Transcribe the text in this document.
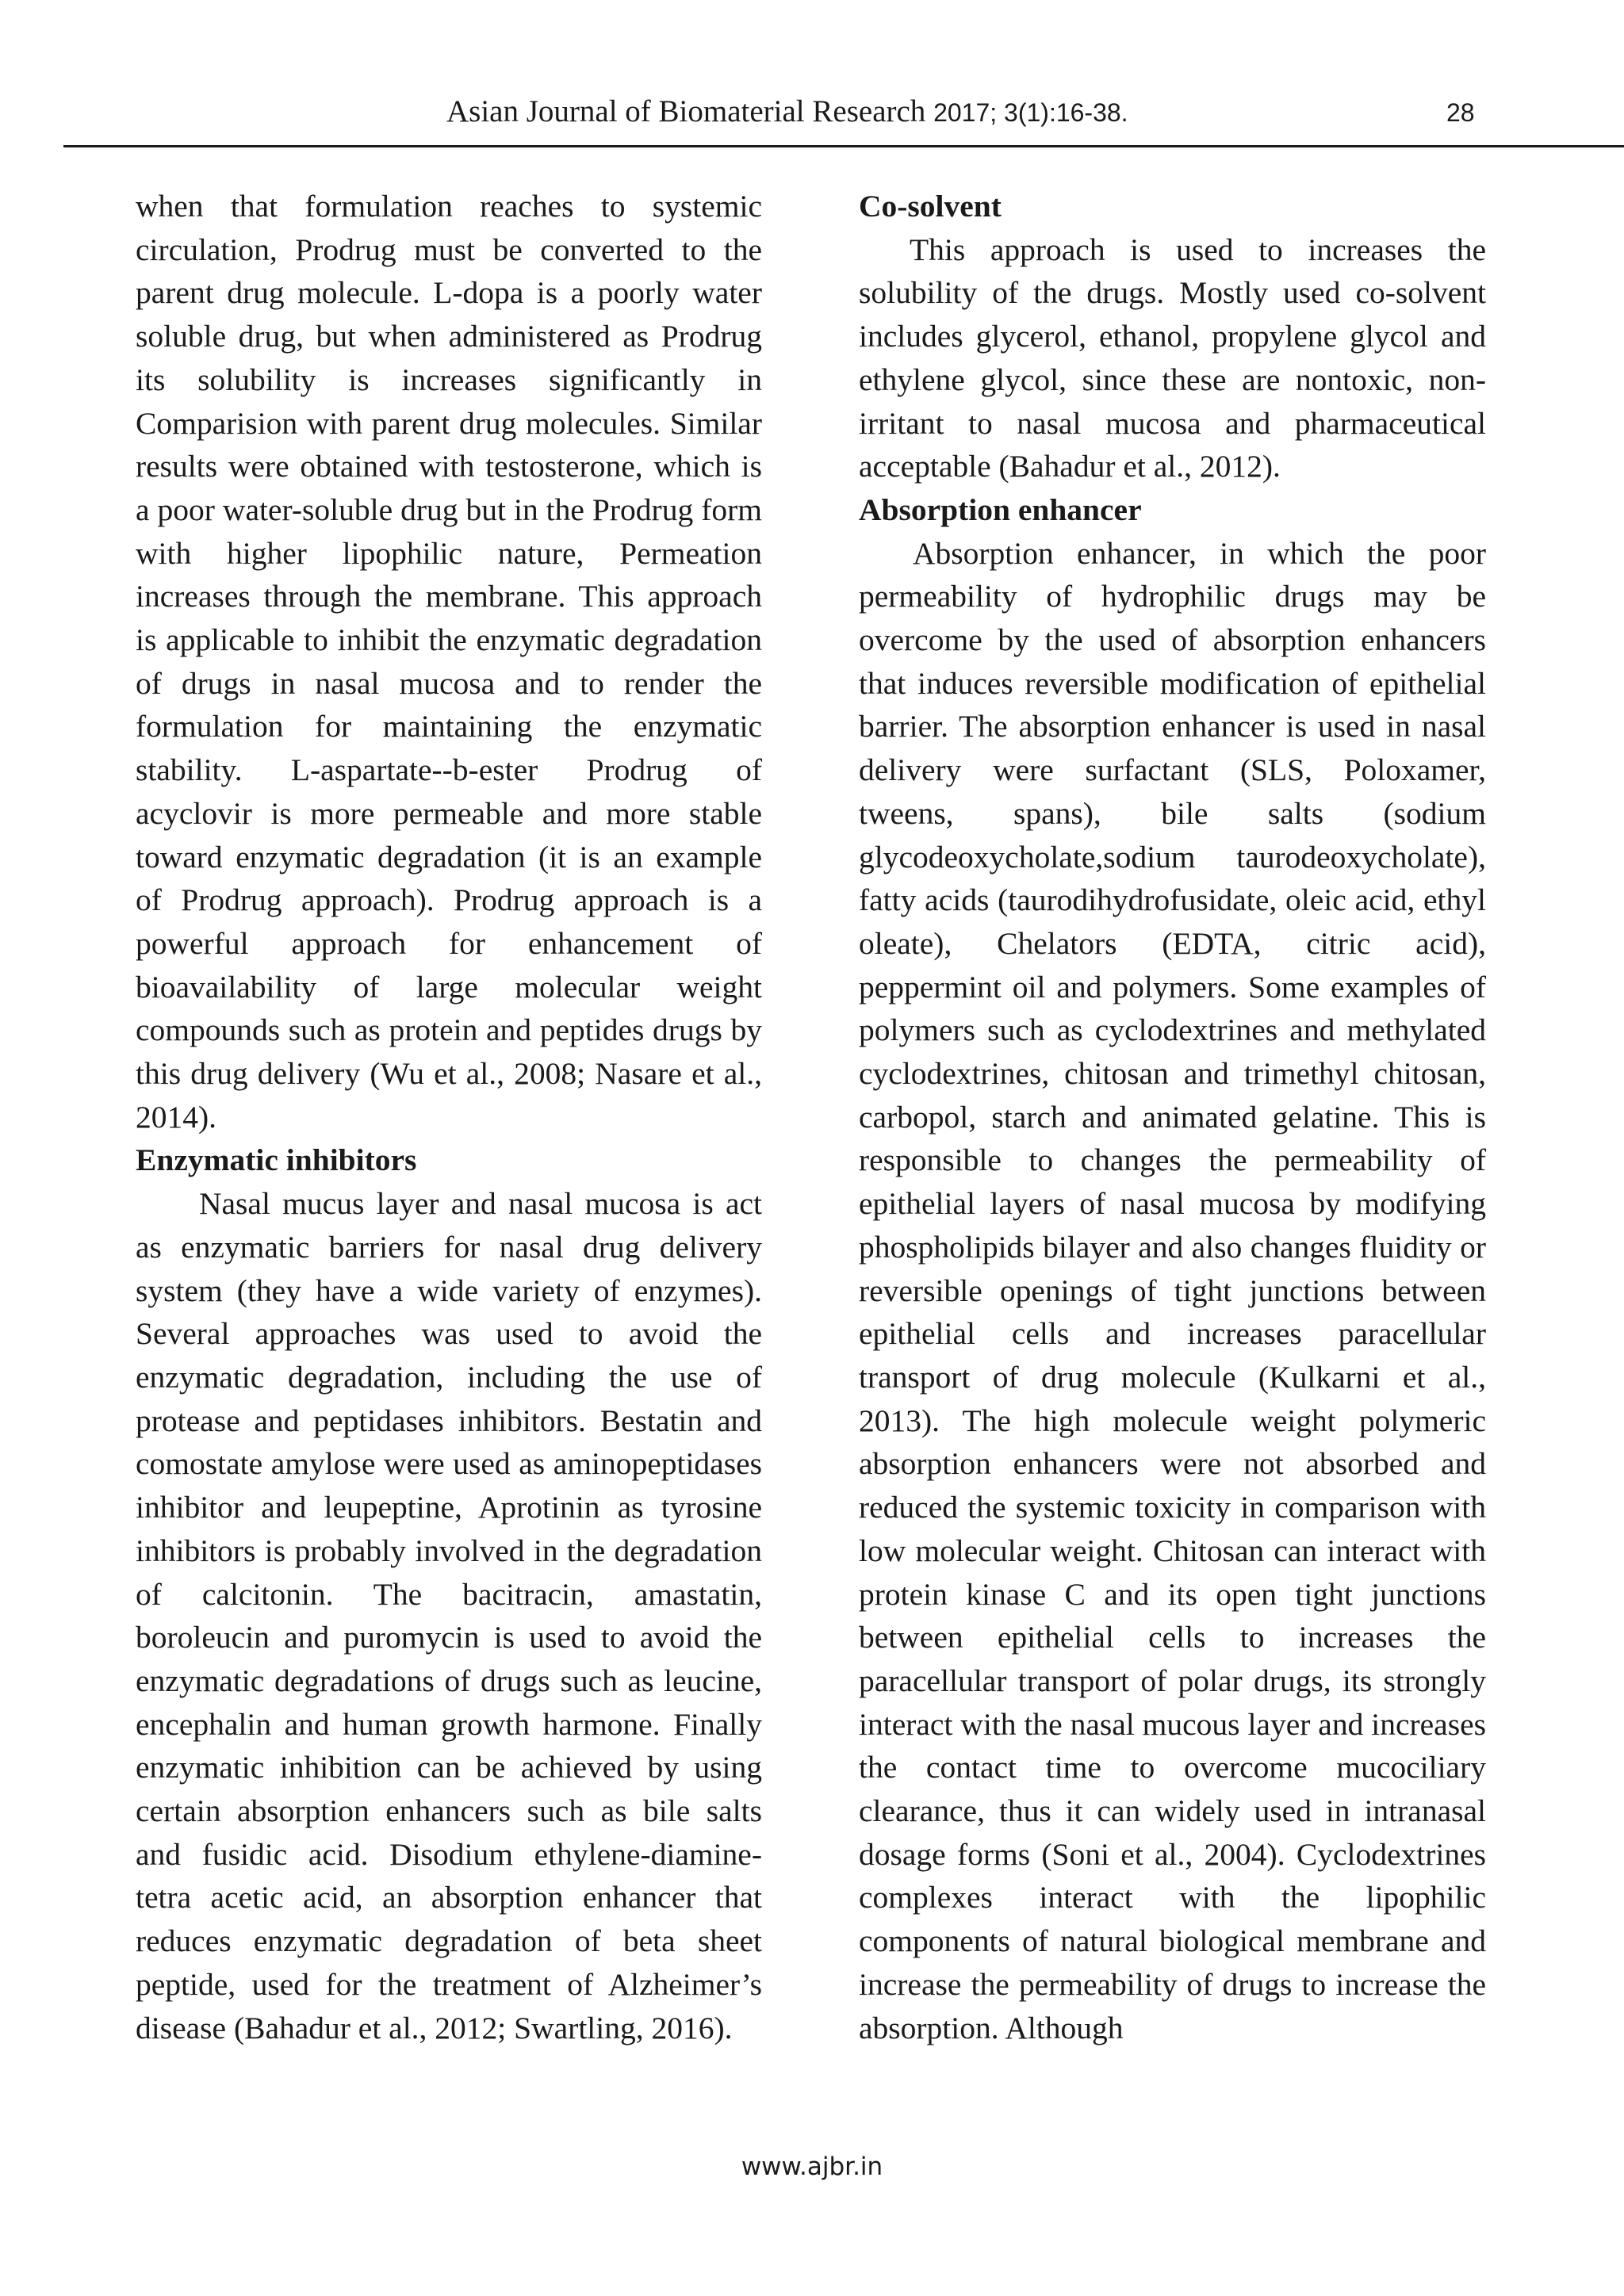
Asian Journal of Biomaterial Research 2017; 3(1):16-38.	28

when that formulation reaches to systemic circulation, Prodrug must be converted to the parent drug molecule. L-dopa is a poorly water soluble drug, but when administered as Prodrug its solubility is increases significantly in Comparision with parent drug molecules. Similar results were obtained with testosterone, which is a poor water-soluble drug but in the Prodrug form with higher lipophilic nature, Permeation increases through the membrane. This approach is applicable to inhibit the enzymatic degradation of drugs in nasal mucosa and to render the formulation for maintaining the enzymatic stability. L-aspartate--b-ester Prodrug of acyclovir is more permeable and more stable toward enzymatic degradation (it is an example of Prodrug approach). Prodrug approach is a powerful approach for enhancement of bioavailability of large molecular weight compounds such as protein and peptides drugs by this drug delivery (Wu et al., 2008; Nasare et al., 2014).

Enzymatic inhibitors

Nasal mucus layer and nasal mucosa is act as enzymatic barriers for nasal drug delivery system (they have a wide variety of enzymes). Several approaches was used to avoid the enzymatic degradation, including the use of protease and peptidases inhibitors. Bestatin and comostate amylose were used as aminopeptidases inhibitor and leupeptine, Aprotinin as tyrosine inhibitors is probably involved in the degradation of calcitonin. The bacitracin, amastatin, boroleucin and puromycin is used to avoid the enzymatic degradations of drugs such as leucine, encephalin and human growth harmone. Finally enzymatic inhibition can be achieved by using certain absorption enhancers such as bile salts and fusidic acid. Disodium ethylene-diamine-tetra acetic acid, an absorption enhancer that reduces enzymatic degradation of beta sheet peptide, used for the treatment of Alzheimer’s disease (Bahadur et al., 2012; Swartling, 2016).

Co-solvent

This approach is used to increases the solubility of the drugs. Mostly used co-solvent includes glycerol, ethanol, propylene glycol and ethylene glycol, since these are nontoxic, non-irritant to nasal mucosa and pharmaceutical acceptable (Bahadur et al., 2012).

Absorption enhancer

Absorption enhancer, in which the poor permeability of hydrophilic drugs may be overcome by the used of absorption enhancers that induces reversible modification of epithelial barrier. The absorption enhancer is used in nasal delivery were surfactant (SLS, Poloxamer, tweens, spans), bile salts (sodium glycodeoxycholate,sodium taurodeoxycholate), fatty acids (taurodihydrofusidate, oleic acid, ethyl oleate), Chelators (EDTA, citric acid), peppermint oil and polymers. Some examples of polymers such as cyclodextrines and methylated cyclodextrines, chitosan and trimethyl chitosan, carbopol, starch and animated gelatine. This is responsible to changes the permeability of epithelial layers of nasal mucosa by modifying phospholipids bilayer and also changes fluidity or reversible openings of tight junctions between epithelial cells and increases paracellular transport of drug molecule (Kulkarni et al., 2013). The high molecule weight polymeric absorption enhancers were not absorbed and reduced the systemic toxicity in comparison with low molecular weight. Chitosan can interact with protein kinase C and its open tight junctions between epithelial cells to increases the paracellular transport of polar drugs, its strongly interact with the nasal mucous layer and increases the contact time to overcome mucociliary clearance, thus it can widely used in intranasal dosage forms (Soni et al., 2004). Cyclodextrines complexes interact with the lipophilic components of natural biological membrane and increase the permeability of drugs to increase the absorption. Although

www.ajbr.in
